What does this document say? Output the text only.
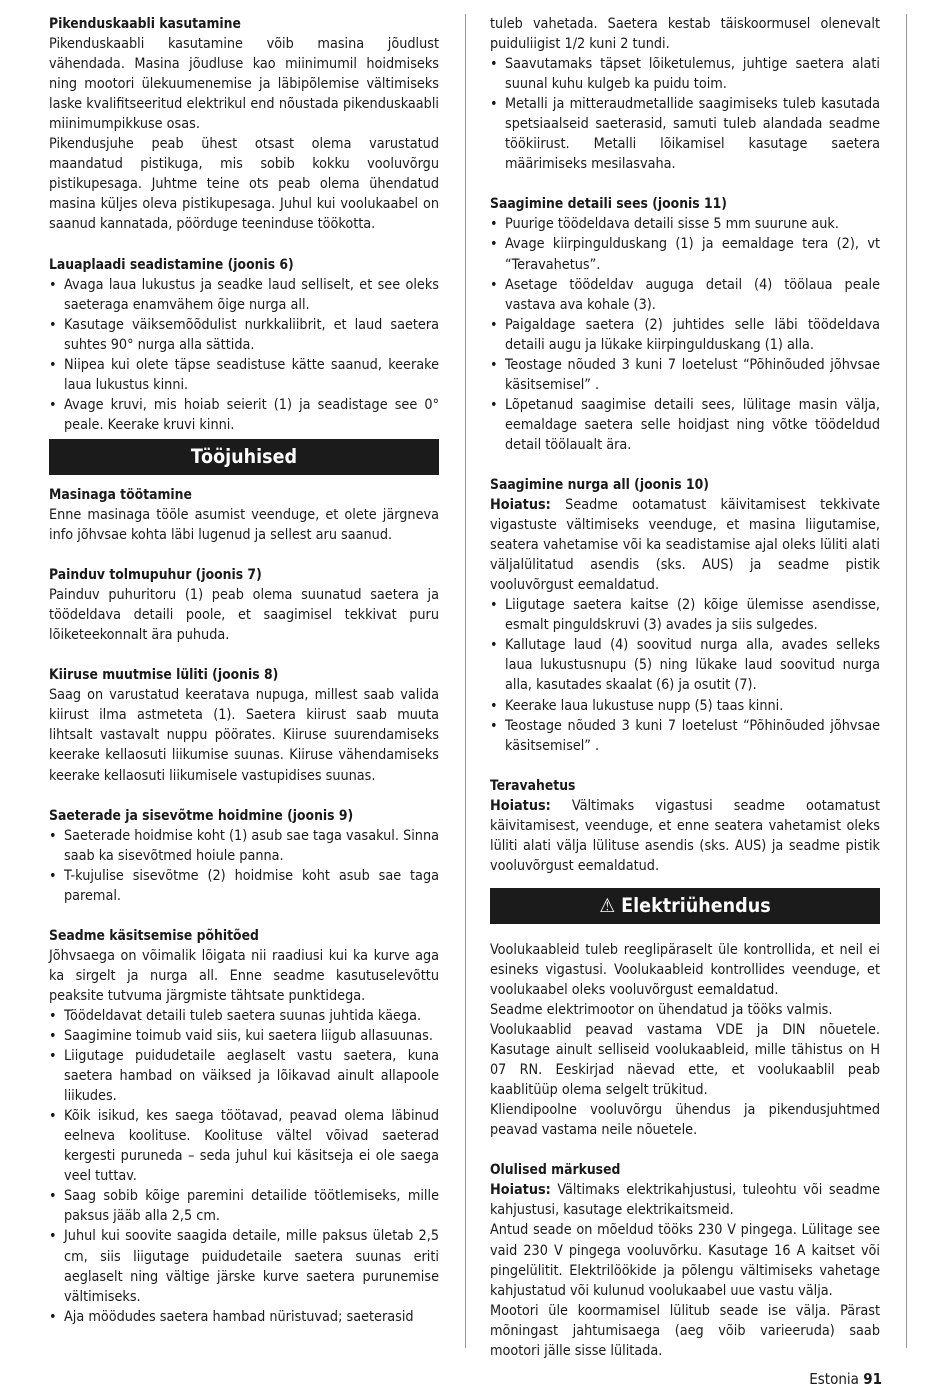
Pikenduskaabli kasutamine
Pikenduskaabli kasutamine võib masina jõudlust vähendada. Masina jõudluse kao miinimumil hoidmiseks ning mootori ülekuumenemise ja läbipõlemise vältimiseks laske kvalifitseeritud elektrikul end nõustada pikenduskaabli miinimumpikkuse osas.
Pikendusjuhe peab ühest otsast olema varustatud maandatud pistikuga, mis sobib kokku vooluvõrgu pistikupesaga. Juhtme teine ots peab olema ühendatud masina küljes oleva pistikupesaga. Juhul kui voolukaabel on saanud kannatada, pöörduge teeninduse töökotta.
Lauaplaadi seadistamine (joonis 6)
• Avaga laua lukustus ja seadke laud selliselt, et see oleks saeteraga enamvähem õige nurga all.
• Kasutage väiksemõõdulist nurkkaliibrit, et laud saetera suhtes 90° nurga alla sättida.
• Niipea kui olete täpse seadistuse kätte saanud, keerake laua lukustus kinni.
• Avage kruvi, mis hoiab seierit (1) ja seadistage see 0° peale. Keerake kruvi kinni.
Tööjuhised
Masinaga töötamine
Enne masinaga tööle asumist veenduge, et olete järgneva info jõhvsae kohta läbi lugenud ja sellest aru saanud.
Painduv tolmupuhur (joonis 7)
Painduv puhuritoru (1) peab olema suunatud saetera ja töödeldava detaili poole, et saagimisel tekkivat puru lõiketeekonnalt ära puhuda.
Kiiruse muutmise lüliti (joonis 8)
Saag on varustatud keeratava nupuga, millest saab valida kiirust ilma astmeteta (1). Saetera kiirust saab muuta lihtsalt vastavalt nuppu pöörates. Kiiruse suurendamiseks keerake kellaosuti liikumise suunas. Kiiruse vähendamiseks keerake kellaosuti liikumisele vastupidises suunas.
Saeterade ja sisevõtme hoidmine (joonis 9)
• Saeterade hoidmise koht (1) asub sae taga vasakul. Sinna saab ka sisevõtmed hoiule panna.
• T-kujulise sisevõtme (2) hoidmise koht asub sae taga paremal.
Seadme käsitsemise põhitõed
Jõhvsaega on võimalik lõigata nii raadiusi kui ka kurve aga ka sirgelt ja nurga all. Enne seadme kasutuselevõttu peaksite tutvuma järgmiste tähtsate punktidega.
• Töödeldavat detaili tuleb saetera suunas juhtida käega.
• Saagimine toimub vaid siis, kui saetera liigub allasuunas.
• Liigutage puidudetaile aeglaselt vastu saetera, kuna saetera hambad on väiksed ja lõikavad ainult allapoole liikudes.
• Kõik isikud, kes saega töötavad, peavad olema läbinud eelneva koolituse. Koolituse vältel võivad saeterad kergesti puruneda – seda juhul kui käsitseja ei ole saega veel tuttav.
• Saag sobib kõige paremini detailide töötlemiseks, mille paksus jääb alla 2,5 cm.
• Juhul kui soovite saagida detaile, mille paksus ületab 2,5 cm, siis liigutage puidudetaile saetera suunas eriti aeglaselt ning vältige järske kurve saetera purunemise vältimiseks.
• Aja möödudes saetera hambad nüristuvad; saeterasid
tuleb vahetada. Saetera kestab täiskoormusel olenevalt puiduliigist 1/2 kuni 2 tundi.
• Saavutamaks täpset lõiketulemus, juhtige saetera alati suunal kuhu kulgeb ka puidu toim.
• Metalli ja mitteraudmetallide saagimiseks tuleb kasutada spetsiaalseid saeterasid, samuti tuleb alandada seadme töökiirust. Metalli lõikamisel kasutage saetera määrimiseks mesilasvaha.
Saagimine detaili sees (joonis 11)
• Puurige töödeldava detaili sisse 5 mm suurune auk.
• Avage kiirpingulduskang (1) ja eemaldage tera (2), vt “Teravahetus”.
• Asetage töödeldav auguga detail (4) töölaua peale vastava ava kohale (3).
• Paigaldage saetera (2) juhtides selle läbi töödeldava detaili augu ja lükake kiirpingulduskang (1) alla.
• Teostage nõuded 3 kuni 7 loetelust “Põhinõuded jõhvsae käsitsemisel” .
• Lõpetanud saagimise detaili sees, lülitage masin välja, eemaldage saetera selle hoidjast ning võtke töödeldud detail töölaualt ära.
Saagimine nurga all (joonis 10)
Hoiatus: Seadme ootamatust käivitamisest tekkivate vigastuste vältimiseks veenduge, et masina liigutamise, seatera vahetamise või ka seadistamise ajal oleks lüliti alati väljalülitatud asendis (sks. AUS) ja seadme pistik vooluvõrgust eemaldatud.
• Liigutage saetera kaitse (2) kõige ülemisse asendisse, esmalt pinguldskruvi (3) avades ja siis sulgedes.
• Kallutage laud (4) soovitud nurga alla, avades selleks laua lukustusnupu (5) ning lükake laud soovitud nurga alla, kasutades skaalat (6) ja osutit (7).
• Keerake laua lukustuse nupp (5) taas kinni.
• Teostage nõuded 3 kuni 7 loetelust “Põhinõuded jõhvsae käsitsemisel” .
Teravahetus
Hoiatus: Vältimaks vigastusi seadme ootamatust käivitamisest, veenduge, et enne seatera vahetamist oleks lüliti alati välja lülituse asendis (sks. AUS) ja seadme pistik vooluvõrgust eemaldatud.
⚠ Elektriühendus
Voolukaableid tuleb reeglipäraselt üle kontrollida, et neil ei esineks vigastusi. Voolukaableid kontrollides veenduge, et voolukaabel oleks vooluvõrgust eemaldatud.
Seadme elektrimootor on ühendatud ja tööks valmis.
Voolukaablid peavad vastama VDE ja DIN nõuetele. Kasutage ainult selliseid voolukaableid, mille tähistus on H 07 RN. Eeskirjad näevad ette, et voolukaablil peab kaablitüüp olema selgelt trükitud.
Kliendipoolne vooluvõrgu ühendus ja pikendusjuhtmed peavad vastama neile nõuetele.
Olulised märkused
Hoiatus: Vältimaks elektrikahjustusi, tuleohtu või seadme kahjustusi, kasutage elektrikaitsmeid.
Antud seade on mõeldud tööks 230 V pingega. Lülitage see vaid 230 V pingega vooluvõrku. Kasutage 16 A kaitset või pingelülitit. Elektrilöökide ja põlengu vältimiseks vahetage kahjustatud või kulunud voolukaabel uue vastu välja.
Mootori üle koormamisel lülitub seade ise välja. Pärast mõningast jahtumisaega (aeg võib varieeruda) saab mootori jälle sisse lülitada.
Estonia 91
